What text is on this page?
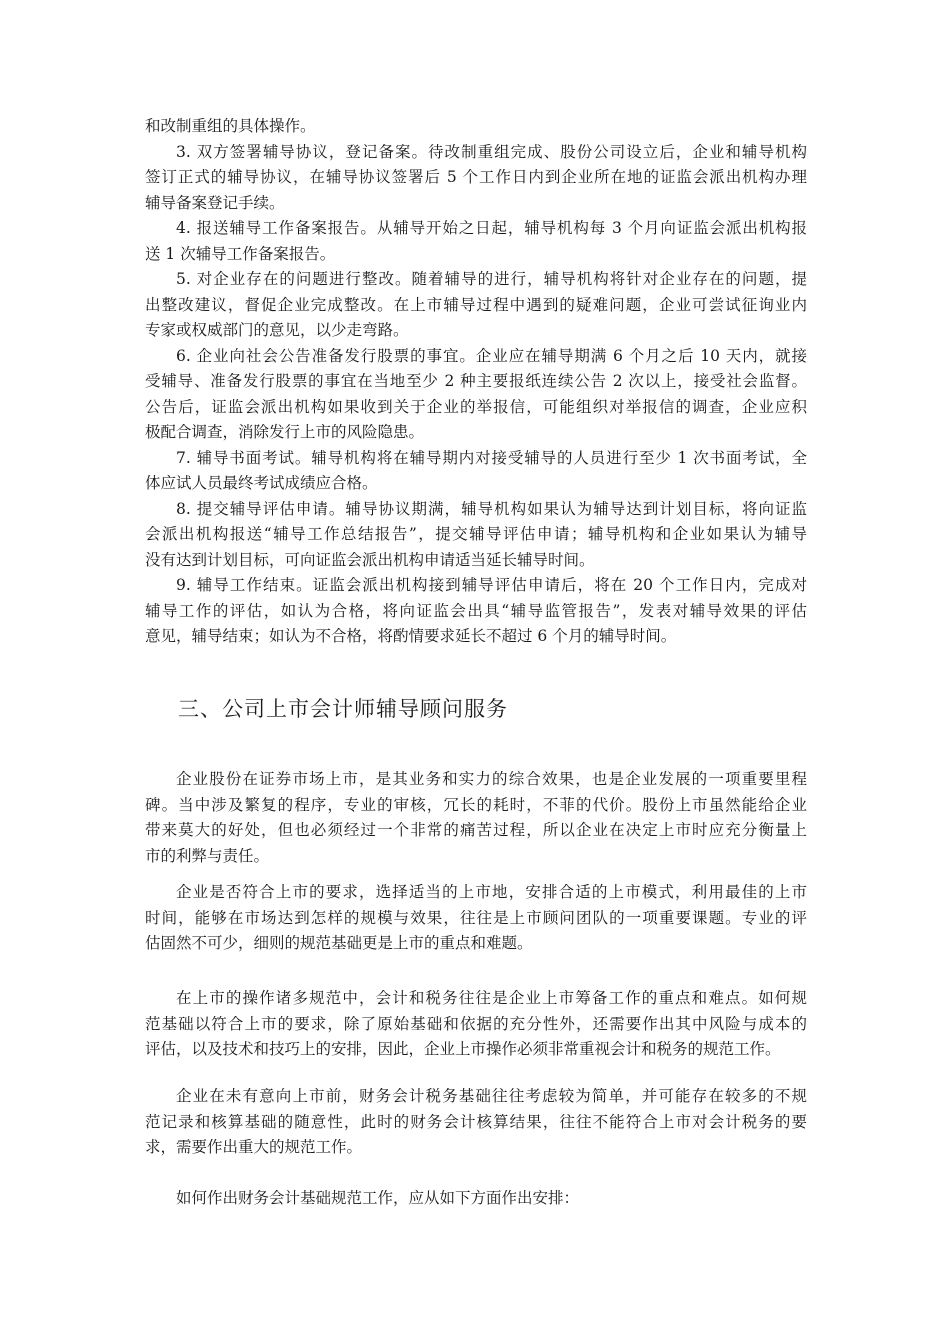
和改制重组的具体操作。
3. 双方签署辅导协议，登记备案。待改制重组完成、股份公司设立后，企业和辅导机构
签订正式的辅导协议，在辅导协议签署后 5 个工作日内到企业所在地的证监会派出机构办理
辅导备案登记手续。
4. 报送辅导工作备案报告。从辅导开始之日起，辅导机构每 3 个月向证监会派出机构报
送 1 次辅导工作备案报告。
5. 对企业存在的问题进行整改。随着辅导的进行，辅导机构将针对企业存在的问题，提
出整改建议，督促企业完成整改。在上市辅导过程中遇到的疑难问题，企业可尝试征询业内
专家或权威部门的意见，以少走弯路。
6. 企业向社会公告准备发行股票的事宜。企业应在辅导期满 6 个月之后 10 天内，就接
受辅导、准备发行股票的事宜在当地至少 2 种主要报纸连续公告 2 次以上，接受社会监督。
公告后，证监会派出机构如果收到关于企业的举报信，可能组织对举报信的调查，企业应积
极配合调查，消除发行上市的风险隐患。
7. 辅导书面考试。辅导机构将在辅导期内对接受辅导的人员进行至少 1 次书面考试，全
体应试人员最终考试成绩应合格。
8. 提交辅导评估申请。辅导协议期满，辅导机构如果认为辅导达到计划目标，将向证监
会派出机构报送“辅导工作总结报告”，提交辅导评估申请；辅导机构和企业如果认为辅导
没有达到计划目标，可向证监会派出机构申请适当延长辅导时间。
9. 辅导工作结束。证监会派出机构接到辅导评估申请后，将在 20 个工作日内，完成对
辅导工作的评估，如认为合格，将向证监会出具“辅导监管报告”，发表对辅导效果的评估
意见，辅导结束；如认为不合格，将酌情要求延长不超过 6 个月的辅导时间。
三、公司上市会计师辅导顾问服务
企业股份在证券市场上市，是其业务和实力的综合效果，也是企业发展的一项重要里程
碑。当中涉及繁复的程序，专业的审核，冗长的耗时，不菲的代价。股份上市虽然能给企业
带来莫大的好处，但也必须经过一个非常的痛苦过程，所以企业在决定上市时应充分衡量上
市的利弊与责任。
企业是否符合上市的要求，选择适当的上市地，安排合适的上市模式，利用最佳的上市
时间，能够在市场达到怎样的规模与效果，往往是上市顾问团队的一项重要课题。专业的评
估固然不可少，细则的规范基础更是上市的重点和难题。
在上市的操作诸多规范中，会计和税务往往是企业上市筹备工作的重点和难点。如何规
范基础以符合上市的要求，除了原始基础和依据的充分性外，还需要作出其中风险与成本的
评估，以及技术和技巧上的安排，因此，企业上市操作必须非常重视会计和税务的规范工作。
企业在未有意向上市前，财务会计税务基础往往考虑较为简单，并可能存在较多的不规
范记录和核算基础的随意性，此时的财务会计核算结果，往往不能符合上市对会计税务的要
求，需要作出重大的规范工作。
如何作出财务会计基础规范工作，应从如下方面作出安排：
